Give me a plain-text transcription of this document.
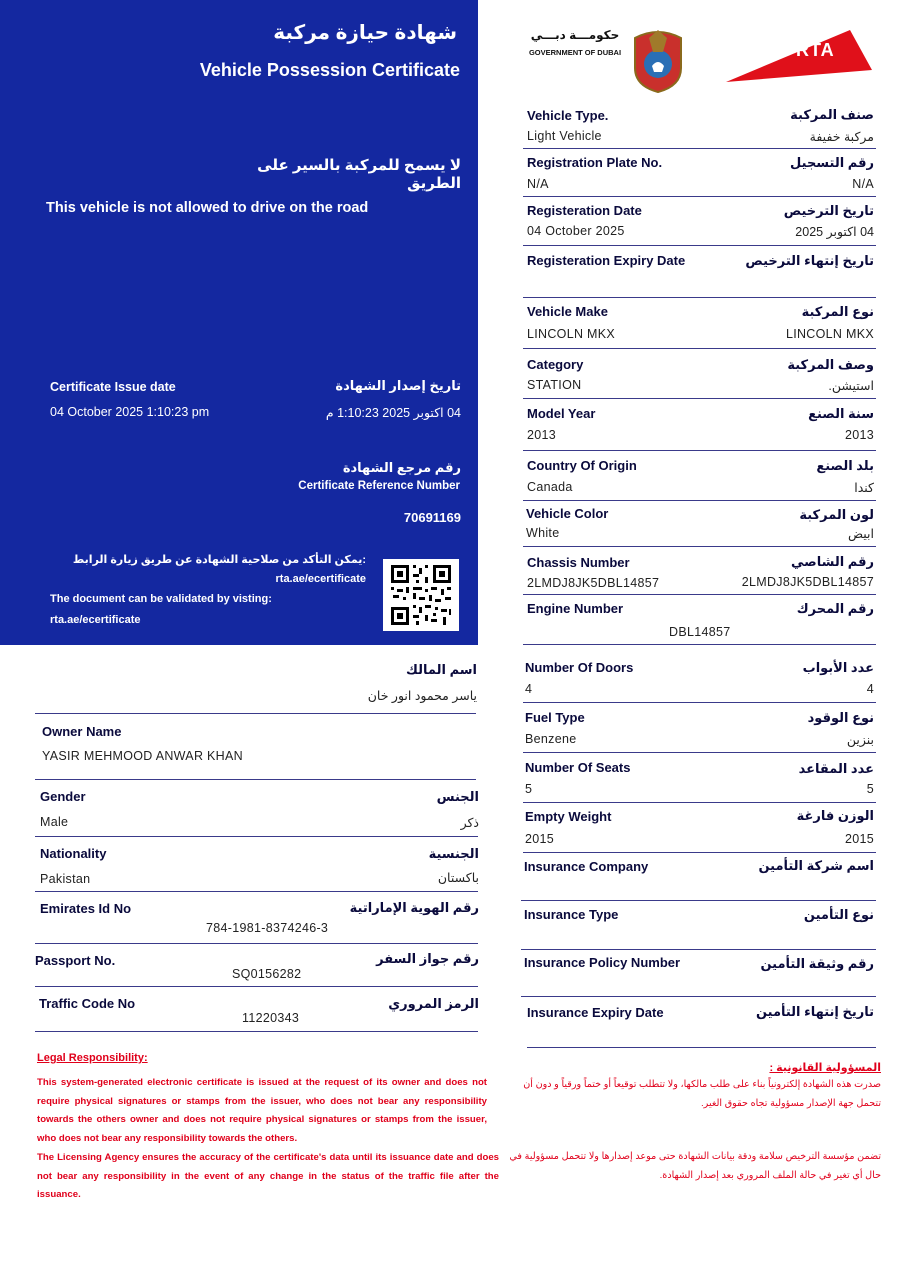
شهادة حيازة مركبة
Vehicle Possession Certificate
لا يسمح للمركبة بالسير على الطريق
This vehicle is not allowed to drive on the road
Certificate Issue date	تاريخ إصدار الشهادة
04 October 2025 1:10:23 pm	04 اكتوبر 2025 1:10:23 م
رقم مرجع الشهادة
Certificate Reference Number
70691169
:يمكن التأكد من صلاحية الشهادة عن طريق زيارة الرابط
rta.ae/ecertificate
The document can be validated by visting:
rta.ae/ecertificate
حكومـــة دبـــي
GOVERNMENT OF DUBAI	RTA
Vehicle Type.	صنف المركبة
Light Vehicle	مركبة خفيفة
Registration Plate No.	رقم التسجيل
N/A	N/A
Registeration Date	تاريخ الترخيص
04 October 2025	04 اكتوبر 2025
Registeration Expiry Date	تاريخ إنتهاء الترخيص
Vehicle Make	نوع المركبة
LINCOLN MKX	LINCOLN MKX
Category	وصف المركبة
STATION	استيشن.
Model Year	سنة الصنع
2013	2013
Country Of Origin	بلد الصنع
Canada	كندا
Vehicle Color	لون المركبة
White	ابيض
Chassis Number	رقم الشاصي
2LMDJ8JK5DBL14857	2LMDJ8JK5DBL14857
Engine Number	رقم المحرك
DBL14857
Number Of Doors	عدد الأبواب
4	4
Fuel Type	نوع الوقود
Benzene	بنزين
Number Of Seats	عدد المقاعد
5	5
Empty Weight	الوزن فارغة
2015	2015
Insurance Company	اسم شركة التأمين
Insurance Type	نوع التأمين
Insurance Policy Number	رقم وثيقة التأمين
Insurance Expiry Date	تاريخ إنتهاء التأمين
اسم المالك
ياسر محمود انور خان
Owner Name
YASIR MEHMOOD ANWAR KHAN
Gender	الجنس
Male	ذكر
Nationality	الجنسية
Pakistan	باكستان
Emirates Id No	رقم الهوية الإماراتية
784-1981-8374246-3
Passport No.	رقم جواز السفر
SQ0156282
Traffic Code No	الرمز المروري
11220343
Legal Responsibility:
This system-generated electronic certificate is issued at the request of its owner and does not require physical signatures or stamps from the issuer, who does not bear any responsibility towards the others owner and does not require physical signatures or stamps from the issuer, who does not bear any responsibility towards the others.
The Licensing Agency ensures the accuracy of the certificate's data until its issuance date and does not bear any responsibility in the event of any change in the status of the traffic file after the issuance.
المسؤولية القانونية :
صدرت هذه الشهادة إلكترونياً بناء على طلب مالكها، ولا تتطلب توقيعاً أو ختماً ورقياً و دون أن تتحمل جهة الإصدار مسؤولية تجاه حقوق الغير.
تضمن مؤسسة الترخيص سلامة ودقة بيانات الشهادة حتى موعد إصدارها ولا تتحمل مسؤولية في حال أي تغير في حالة الملف المروري بعد إصدار الشهادة.
